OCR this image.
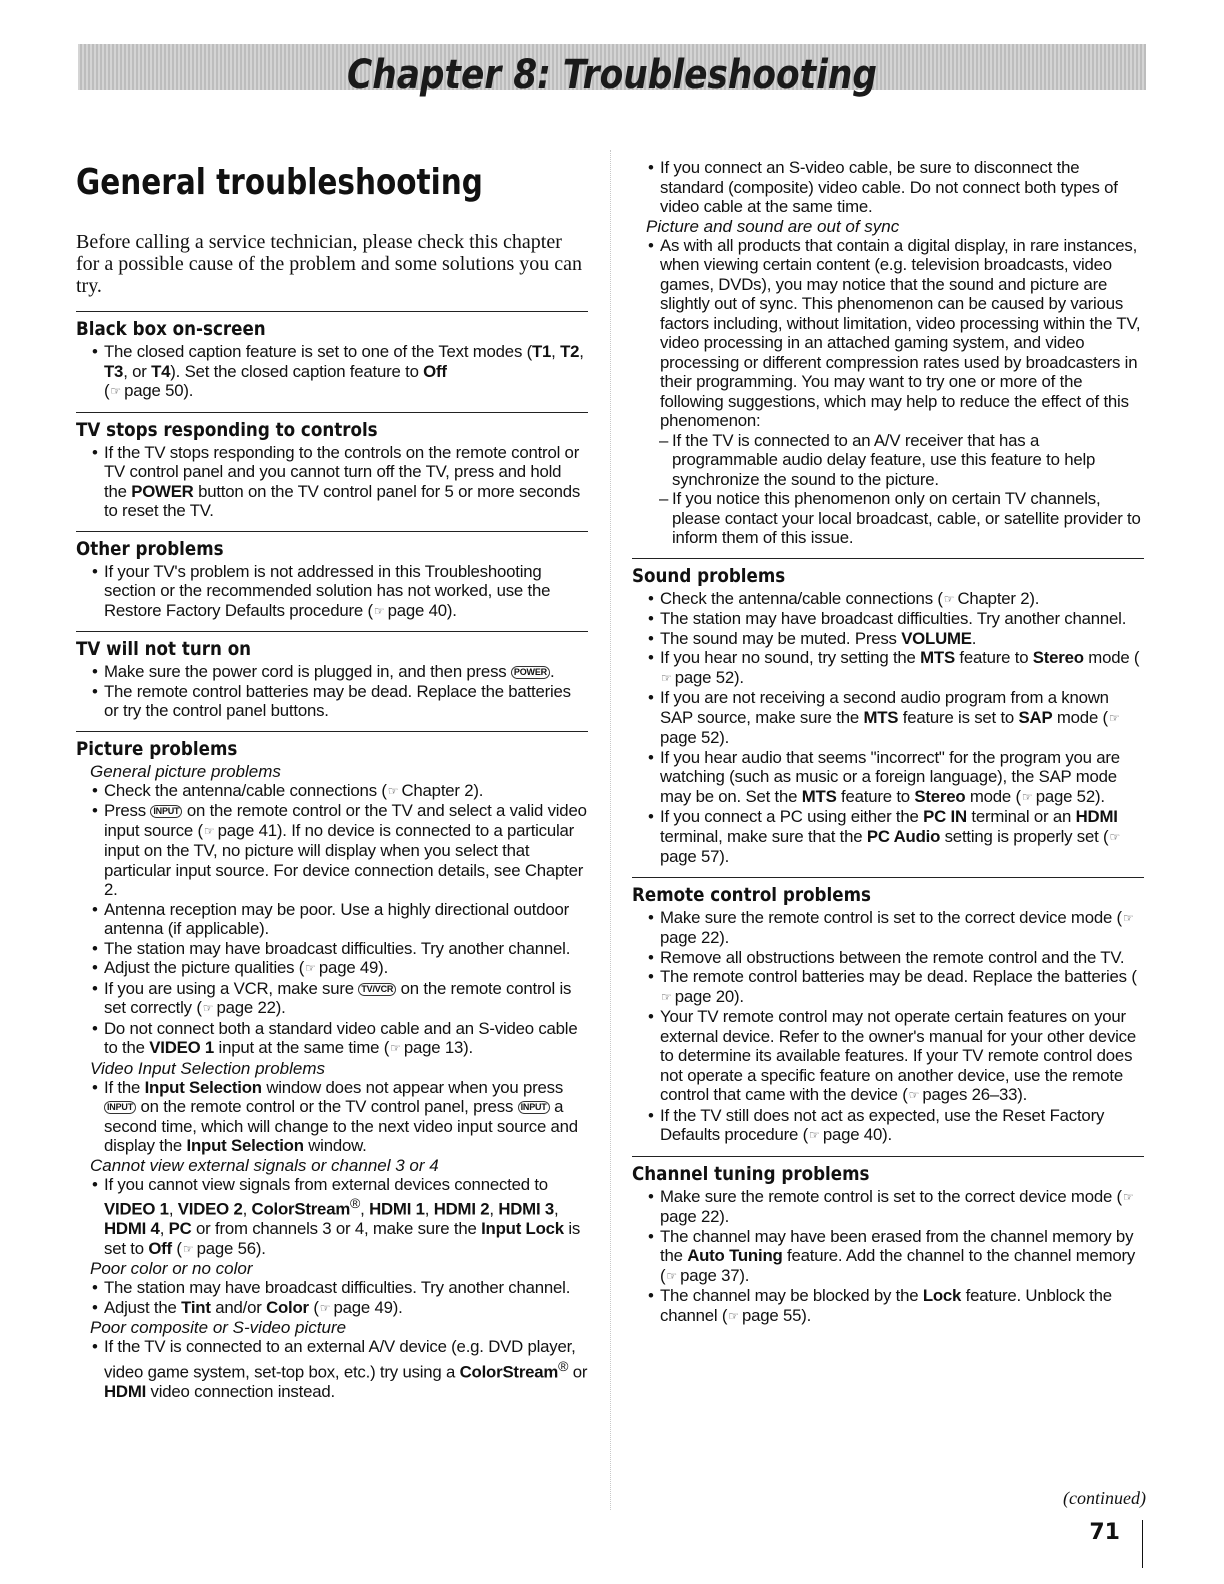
Chapter 8: Troubleshooting
General troubleshooting

Before calling a service technician, please check this chapter for a possible cause of the problem and some solutions you can try.

Black box on-screen
• The closed caption feature is set to one of the Text modes (T1, T2, T3, or T4). Set the closed caption feature to Off
(☞ page 50).
TV stops responding to controls
• If the TV stops responding to the controls on the remote control or TV control panel and you cannot turn off the TV, press and hold the POWER button on the TV control panel for 5 or more seconds to reset the TV.
Other problems
• If your TV's problem is not addressed in this Troubleshooting section or the recommended solution has not worked, use the Restore Factory Defaults procedure (☞ page 40).
TV will not turn on
• Make sure the power cord is plugged in, and then press POWER .
• The remote control batteries may be dead. Replace the batteries or try the control panel buttons.
Picture problems
General picture problems
• Check the antenna/cable connections (☞ Chapter 2).
• Press INPUT on the remote control or the TV and select a valid video input source (☞ page 41). If no device is connected to a particular input on the TV, no picture will display when you select that particular input source. For device connection details, see Chapter 2.
• Antenna reception may be poor. Use a highly directional outdoor antenna (if applicable).
• The station may have broadcast difficulties. Try another channel.
• Adjust the picture qualities (☞ page 49).
• If you are using a VCR, make sure TV/VCR on the remote control is set correctly (☞ page 22).
• Do not connect both a standard video cable and an S-video cable to the VIDEO 1 input at the same time (☞ page 13).
Video Input Selection problems
• If the Input Selection window does not appear when you press INPUT on the remote control or the TV control panel, press INPUT a second time, which will change to the next video input source and display the Input Selection window.
Cannot view external signals or channel 3 or 4
• If you cannot view signals from external devices connected to VIDEO 1, VIDEO 2, ColorStream®, HDMI 1, HDMI 2, HDMI 3, HDMI 4, PC or from channels 3 or 4, make sure the Input Lock is set to Off (☞ page 56).
Poor color or no color
• The station may have broadcast difficulties. Try another channel.
• Adjust the Tint and/or Color (☞ page 49).
Poor composite or S-video picture
• If the TV is connected to an external A/V device (e.g. DVD player, video game system, set-top box, etc.) try using a ColorStream® or HDMI video connection instead.
• If you connect an S-video cable, be sure to disconnect the standard (composite) video cable. Do not connect both types of video cable at the same time.
Picture and sound are out of sync
• As with all products that contain a digital display, in rare instances, when viewing certain content (e.g. television broadcasts, video games, DVDs), you may notice that the sound and picture are slightly out of sync. This phenomenon can be caused by various factors including, without limitation, video processing within the TV, video processing in an attached gaming system, and video processing or different compression rates used by broadcasters in their programming. You may want to try one or more of the following suggestions, which may help to reduce the effect of this phenomenon:
– If the TV is connected to an A/V receiver that has a programmable audio delay feature, use this feature to help synchronize the sound to the picture.
– If you notice this phenomenon only on certain TV channels, please contact your local broadcast, cable, or satellite provider to inform them of this issue.
Sound problems
• Check the antenna/cable connections (☞ Chapter 2).
• The station may have broadcast difficulties. Try another channel.
• The sound may be muted. Press VOLUME.
• If you hear no sound, try setting the MTS feature to Stereo mode (☞ page 52).
• If you are not receiving a second audio program from a known SAP source, make sure the MTS feature is set to SAP mode (☞page 52).
• If you hear audio that seems "incorrect" for the program you are watching (such as music or a foreign language), the SAP mode may be on. Set the MTS feature to Stereo mode (☞ page 52).
• If you connect a PC using either the PC IN terminal or an HDMI terminal, make sure that the PC Audio setting is properly set (☞page 57).
Remote control problems
• Make sure the remote control is set to the correct device mode (☞page 22).
• Remove all obstructions between the remote control and the TV.
• The remote control batteries may be dead. Replace the batteries (☞ page 20).
• Your TV remote control may not operate certain features on your external device. Refer to the owner's manual for your other device to determine its available features. If your TV remote control does not operate a specific feature on another device, use the remote control that came with the device (☞ pages 26–33).
• If the TV still does not act as expected, use the Reset Factory Defaults procedure (☞ page 40).
Channel tuning problems
• Make sure the remote control is set to the correct device mode (☞page 22).
• The channel may have been erased from the channel memory by the Auto Tuning feature. Add the channel to the channel memory (☞ page 37).
• The channel may be blocked by the Lock feature. Unblock the channel (☞ page 55).
(continued)
71
